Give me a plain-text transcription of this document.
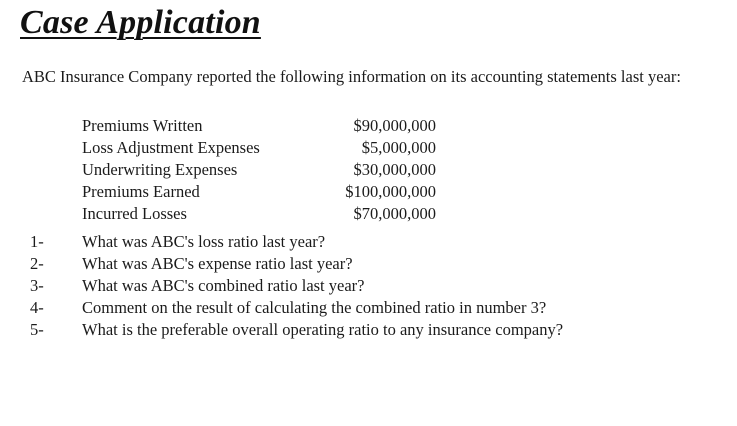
Case Application

ABC Insurance Company reported the following information on its accounting statements last year:

Premiums Written	$90,000,000
Loss Adjustment Expenses	$5,000,000
Underwriting Expenses	$30,000,000
Premiums Earned	$100,000,000
Incurred Losses	$70,000,000
1- What was ABC's loss ratio last year?
2- What was ABC's expense ratio last year?
3- What was ABC's combined ratio last year?
4- Comment on the result of calculating the combined ratio in number 3?
5- What is the preferable overall operating ratio to any insurance company?
